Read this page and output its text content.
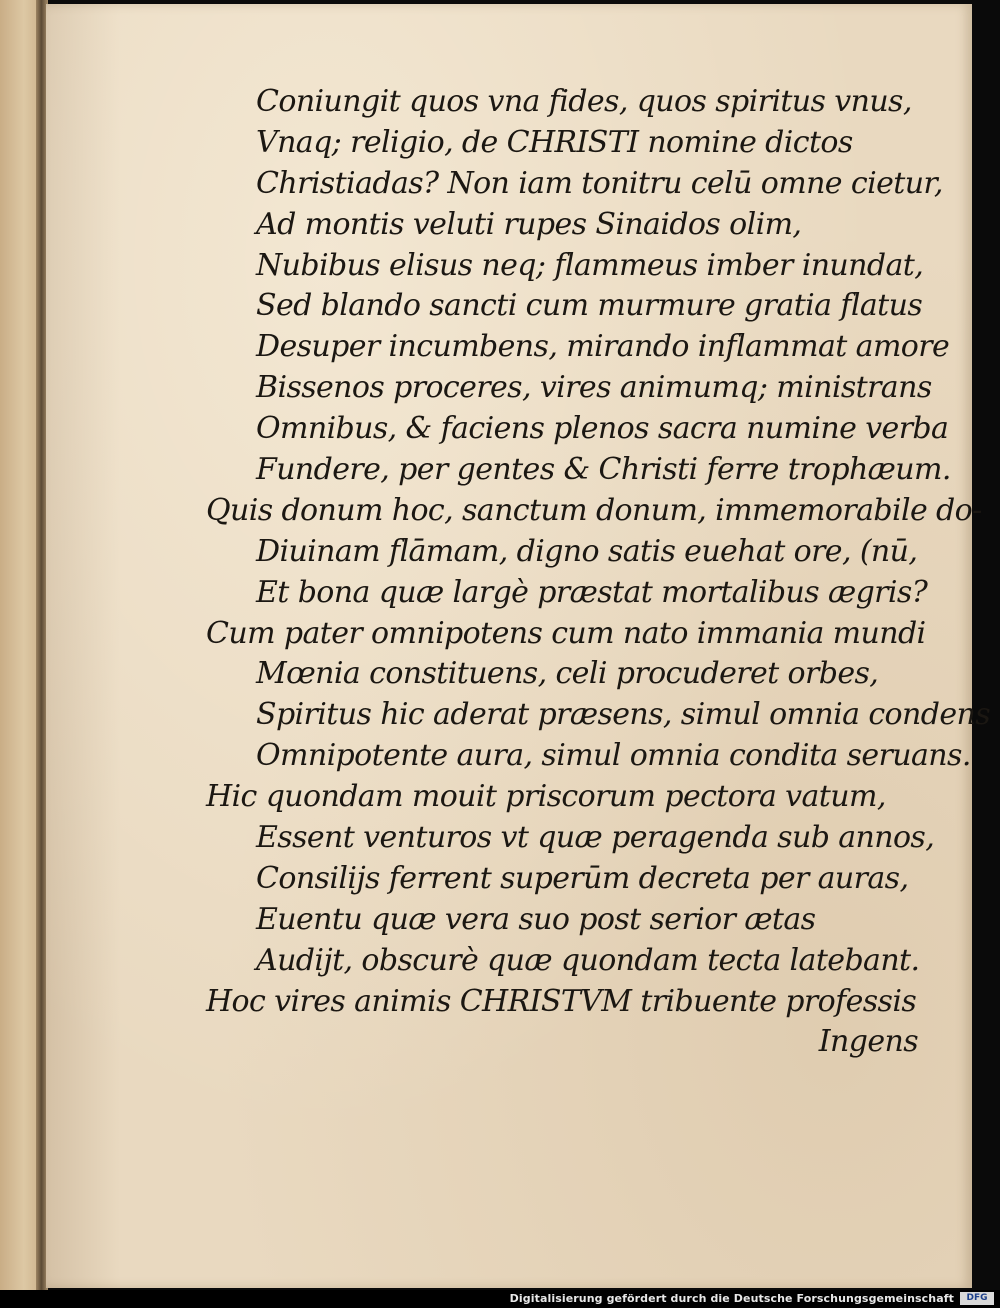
Coniungit quos vna fides, quos spiritus vnus,
Vnaq; religio, de CHRISTI nomine dictos
Christiadas? Non iam tonitru celū omne cietur,
Ad montis veluti rupes Sinaidos olim,
Nubibus elisus neq; flammeus imber inundat,
Sed blando sancti cum murmure gratia flatus
Desuper incumbens, mirando inflammat amore
Bissenos proceres, vires animumq; ministrans
Omnibus, & faciens plenos sacra numine verba
Fundere, per gentes & Christi ferre trophæum.
Quis donum hoc, sanctum donum, immemorabile do-
Diuinam flāmam, digno satis euehat ore, (nū,
Et bona quæ largè præstat mortalibus ægris?
Cum pater omnipotens cum nato immania mundi
Mœnia constituens, celi procuderet orbes,
Spiritus hic aderat præsens, simul omnia condens
Omnipotente aura, simul omnia condita seruans.
Hic quondam mouit priscorum pectora vatum,
Essent venturos vt quæ peragenda sub annos,
Consilijs ferrent superūm decreta per auras,
Euentu quæ vera suo post serior ætas
Audijt, obscurè quæ quondam tecta latebant.
Hoc vires animis CHRISTVM tribuente professis
Ingens
Digitalisierung gefördert durch die Deutsche Forschungsgemeinschaft	DFG
